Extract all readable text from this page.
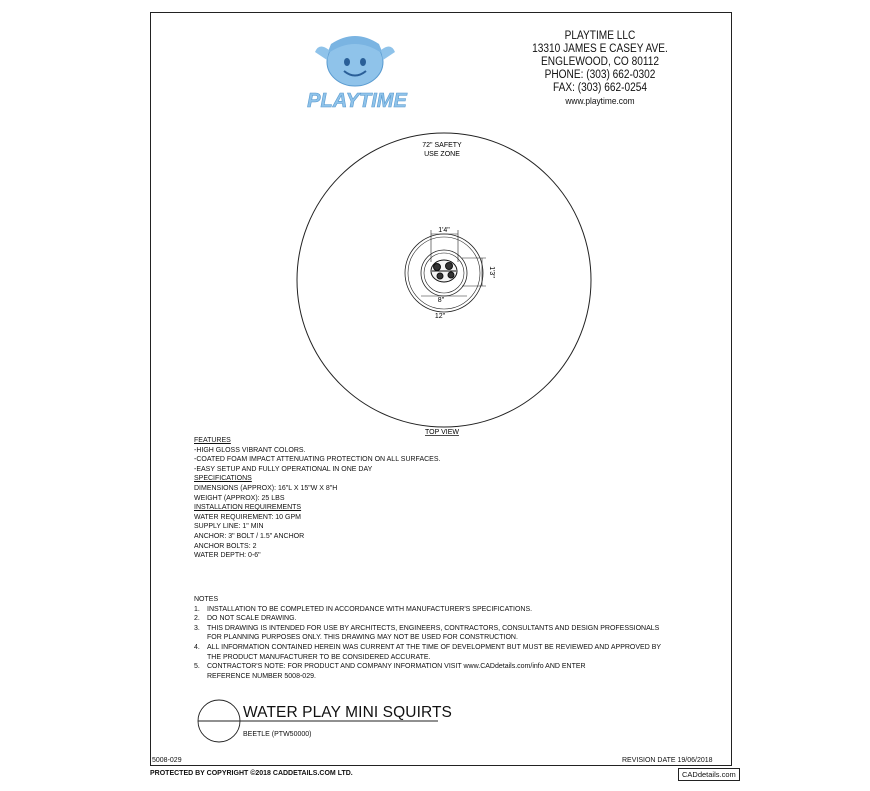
PLAYTIME
PLAYTIME LLC
13310 JAMES E CASEY AVE.
ENGLEWOOD, CO 80112
PHONE: (303) 662-0302
FAX: (303) 662-0254
www.playtime.com
72" SAFETY
USE ZONE
1'4"
1'3"
8"
12"
TOP VIEW
FEATURES
-HIGH GLOSS VIBRANT COLORS.
-COATED FOAM IMPACT ATTENUATING PROTECTION ON ALL SURFACES.
-EASY SETUP AND FULLY OPERATIONAL IN ONE DAY
SPECIFICATIONS
DIMENSIONS (APPROX): 16"L X 15"W X 8"H
WEIGHT (APPROX): 25 LBS
INSTALLATION REQUIREMENTS
WATER REQUIREMENT: 10 GPM
SUPPLY LINE: 1" MIN
ANCHOR: 3" BOLT / 1.5" ANCHOR
ANCHOR BOLTS: 2
WATER DEPTH: 0-6"
NOTES
1. INSTALLATION TO BE COMPLETED IN ACCORDANCE WITH MANUFACTURER'S SPECIFICATIONS.
2. DO NOT SCALE DRAWING.
3. THIS DRAWING IS INTENDED FOR USE BY ARCHITECTS, ENGINEERS, CONTRACTORS, CONSULTANTS AND DESIGN PROFESSIONALS
FOR PLANNING PURPOSES ONLY. THIS DRAWING MAY NOT BE USED FOR CONSTRUCTION.
4. ALL INFORMATION CONTAINED HEREIN WAS CURRENT AT THE TIME OF DEVELOPMENT BUT MUST BE REVIEWED AND APPROVED BY
THE PRODUCT MANUFACTURER TO BE CONSIDERED ACCURATE.
5. CONTRACTOR'S NOTE: FOR PRODUCT AND COMPANY INFORMATION VISIT www.CADdetails.com/info AND ENTER
REFERENCE NUMBER 5008-029.
WATER PLAY MINI SQUIRTS
BEETLE (PTW50000)
5008-029	REVISION DATE 19/06/2018
PROTECTED BY COPYRIGHT ©2018 CADDETAILS.COM LTD.	CADdetails.com
